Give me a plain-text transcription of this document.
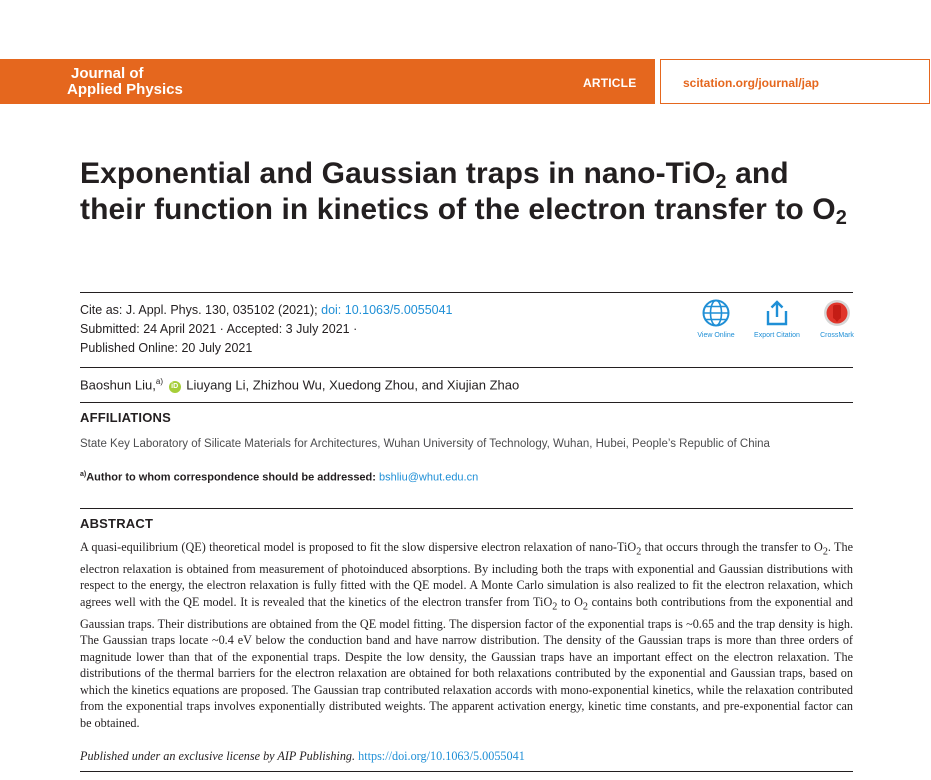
Journal of
Applied Physics	ARTICLE	scitation.org/journal/jap
Exponential and Gaussian traps in nano-TiO$_2$ and their function in kinetics of the electron transfer to $O_2$
Cite as: J. Appl. Phys. 130, 035102 (2021); doi: 10.1063/5.0055041
Submitted: 24 April 2021 · Accepted: 3 July 2021 ·
Published Online: 20 July 2021
View Online	Export Citation	CrossMark
Baoshun Liu,$^{a)}$ iD Liuyang Li, Zhizhou Wu, Xuedong Zhou, and Xiujian Zhao
AFFILIATIONS
State Key Laboratory of Silicate Materials for Architectures, Wuhan University of Technology, Wuhan, Hubei, People’s Republic of China
$^{a)}$Author to whom correspondence should be addressed: bshliu@whut.edu.cn
ABSTRACT

A quasi-equilibrium (QE) theoretical model is proposed to fit the slow dispersive electron relaxation of nano-TiO$_2$ that occurs through the transfer to $O_2$. The electron relaxation is obtained from measurement of photoinduced absorptions. By including both the traps with exponential and Gaussian distributions with respect to the energy, the electron relaxation is fully fitted with the QE model. A Monte Carlo simulation is also realized to fit the electron relaxation, which agrees well with the QE model. It is revealed that the kinetics of the electron transfer from TiO$_2$ to $O_2$ contains both contributions from the exponential and Gaussian traps. Their distributions are obtained from the QE model fitting. The dispersion factor of the exponential traps is ~0.65 and the trap density is high. The Gaussian traps locate ~0.4 eV below the conduction band and have narrow distribution. The density of the Gaussian traps is more than three orders of magnitude lower than that of the exponential traps. Despite the low density, the Gaussian traps have an important effect on the electron relaxation. The distributions of the thermal barriers for the electron relaxation are obtained for both relaxations contributed by the exponential and Gaussian traps, based on which the kinetics equations are proposed. The Gaussian trap contributed relaxation accords with mono-exponential kinetics, while the relaxation contributed from the exponential traps involves exponentially distributed weights. The apparent activation energy, kinetic time constants, and pre-exponential factor can be obtained.

Published under an exclusive license by AIP Publishing. https://doi.org/10.1063/5.0055041
